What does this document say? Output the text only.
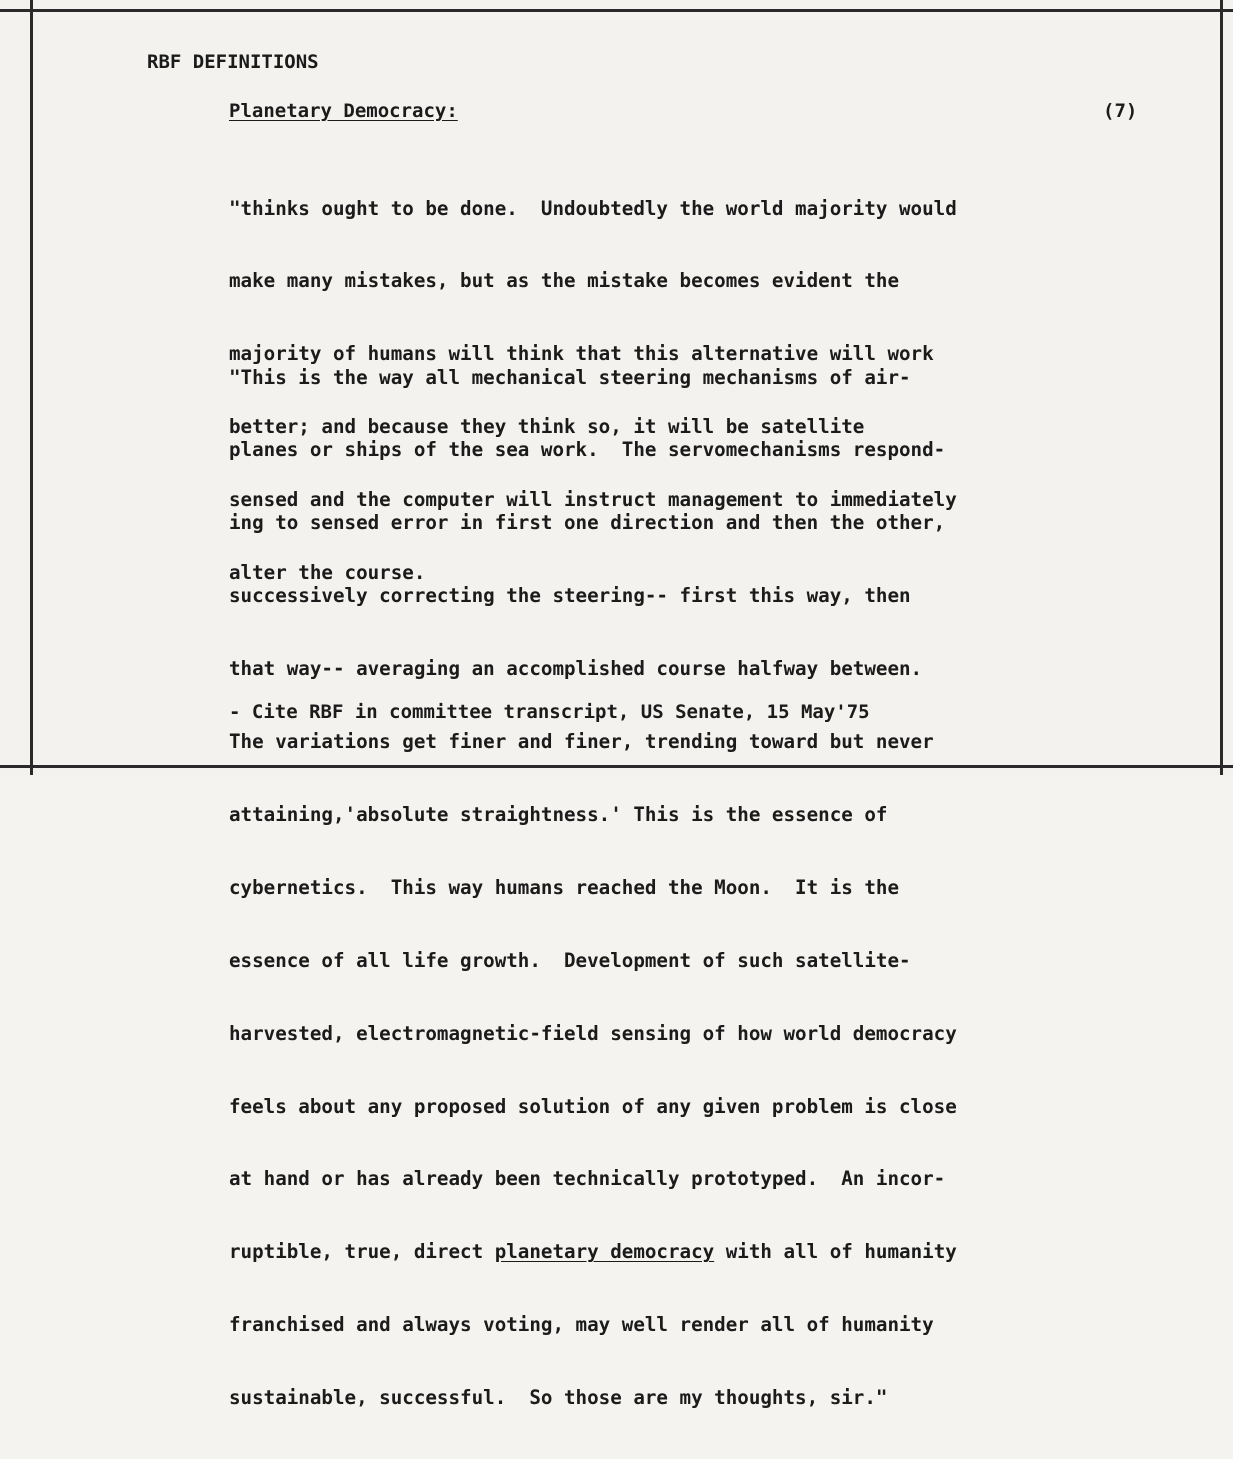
RBF DEFINITIONS
Planetary Democracy:	(7)

"thinks ought to be done.  Undoubtedly the world majority would

make many mistakes, but as the mistake becomes evident the

majority of humans will think that this alternative will work

better; and because they think so, it will be satellite

sensed and the computer will instruct management to immediately

alter the course.

"This is the way all mechanical steering mechanisms of air-

planes or ships of the sea work.  The servomechanisms respond-

ing to sensed error in first one direction and then the other,

successively correcting the steering-- first this way, then

that way-- averaging an accomplished course halfway between.

The variations get finer and finer, trending toward but never

attaining,'absolute straightness.' This is the essence of

cybernetics.  This way humans reached the Moon.  It is the

essence of all life growth.  Development of such satellite-

harvested, electromagnetic-field sensing of how world democracy

feels about any proposed solution of any given problem is close

at hand or has already been technically prototyped.  An incor-

ruptible, true, direct planetary democracy with all of humanity

franchised and always voting, may well render all of humanity

sustainable, successful.  So those are my thoughts, sir."

- Cite RBF in committee transcript, US Senate, 15 May'75
